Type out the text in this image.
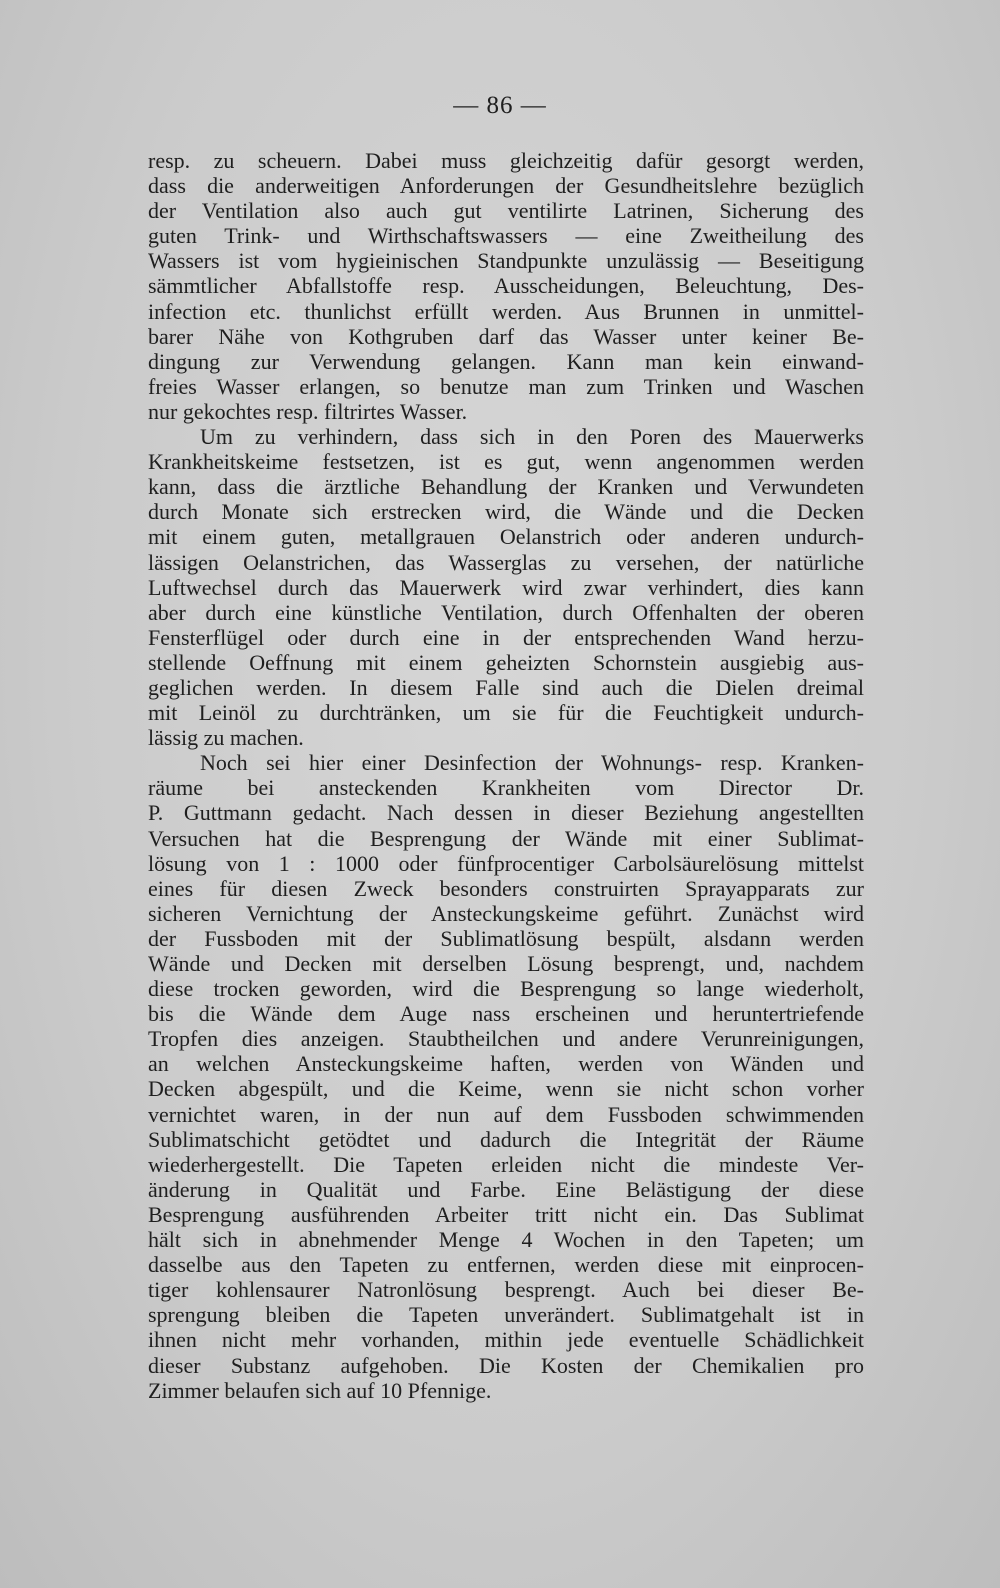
— 86 —
resp. zu scheuern. Dabei muss gleichzeitig dafür gesorgt werden,
dass die anderweitigen Anforderungen der Gesundheitslehre bezüglich
der Ventilation also auch gut ventilirte Latrinen, Sicherung des
guten Trink- und Wirthschaftswassers — eine Zweitheilung des
Wassers ist vom hygieinischen Standpunkte unzulässig — Beseitigung
sämmtlicher Abfallstoffe resp. Ausscheidungen, Beleuchtung, Des-
infection etc. thunlichst erfüllt werden. Aus Brunnen in unmittel-
barer Nähe von Kothgruben darf das Wasser unter keiner Be-
dingung zur Verwendung gelangen. Kann man kein einwand-
freies Wasser erlangen, so benutze man zum Trinken und Waschen
nur gekochtes resp. filtrirtes Wasser.
Um zu verhindern, dass sich in den Poren des Mauerwerks
Krankheitskeime festsetzen, ist es gut, wenn angenommen werden
kann, dass die ärztliche Behandlung der Kranken und Verwundeten
durch Monate sich erstrecken wird, die Wände und die Decken
mit einem guten, metallgrauen Oelanstrich oder anderen undurch-
lässigen Oelanstrichen, das Wasserglas zu versehen, der natürliche
Luftwechsel durch das Mauerwerk wird zwar verhindert, dies kann
aber durch eine künstliche Ventilation, durch Offenhalten der oberen
Fensterflügel oder durch eine in der entsprechenden Wand herzu-
stellende Oeffnung mit einem geheizten Schornstein ausgiebig aus-
geglichen werden. In diesem Falle sind auch die Dielen dreimal
mit Leinöl zu durchtränken, um sie für die Feuchtigkeit undurch-
lässig zu machen.
Noch sei hier einer Desinfection der Wohnungs- resp. Kranken-
räume bei ansteckenden Krankheiten vom Director Dr.
P. Guttmann gedacht. Nach dessen in dieser Beziehung angestellten
Versuchen hat die Besprengung der Wände mit einer Sublimat-
lösung von 1 : 1000 oder fünfprocentiger Carbolsäurelösung mittelst
eines für diesen Zweck besonders construirten Sprayapparats zur
sicheren Vernichtung der Ansteckungskeime geführt. Zunächst wird
der Fussboden mit der Sublimatlösung bespült, alsdann werden
Wände und Decken mit derselben Lösung besprengt, und, nachdem
diese trocken geworden, wird die Besprengung so lange wiederholt,
bis die Wände dem Auge nass erscheinen und heruntertriefende
Tropfen dies anzeigen. Staubtheilchen und andere Verunreinigungen,
an welchen Ansteckungskeime haften, werden von Wänden und
Decken abgespült, und die Keime, wenn sie nicht schon vorher
vernichtet waren, in der nun auf dem Fussboden schwimmenden
Sublimatschicht getödtet und dadurch die Integrität der Räume
wiederhergestellt. Die Tapeten erleiden nicht die mindeste Ver-
änderung in Qualität und Farbe. Eine Belästigung der diese
Besprengung ausführenden Arbeiter tritt nicht ein. Das Sublimat
hält sich in abnehmender Menge 4 Wochen in den Tapeten; um
dasselbe aus den Tapeten zu entfernen, werden diese mit einprocen-
tiger kohlensaurer Natronlösung besprengt. Auch bei dieser Be-
sprengung bleiben die Tapeten unverändert. Sublimatgehalt ist in
ihnen nicht mehr vorhanden, mithin jede eventuelle Schädlichkeit
dieser Substanz aufgehoben. Die Kosten der Chemikalien pro
Zimmer belaufen sich auf 10 Pfennige.
